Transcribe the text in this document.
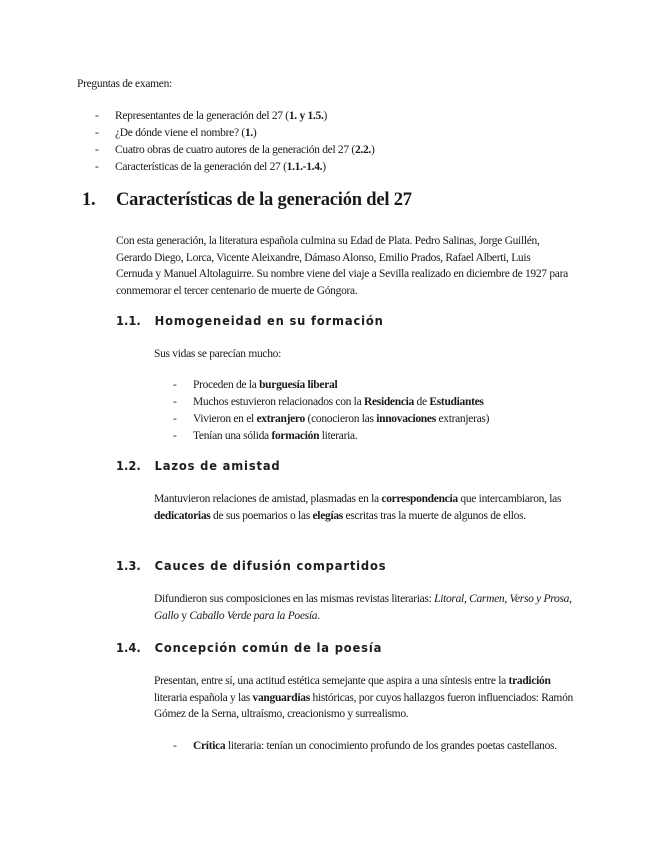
Preguntas de examen:
- Representantes de la generación del 27 (1. y 1.5.)
- ¿De dónde viene el nombre? (1.)
- Cuatro obras de cuatro autores de la generación del 27 (2.2.)
- Características de la generación del 27 (1.1.-1.4.)
1. Características de la generación del 27
Con esta generación, la literatura española culmina su Edad de Plata. Pedro Salinas, Jorge Guillén, Gerardo Diego, Lorca, Vicente Aleixandre, Dámaso Alonso, Emilio Prados, Rafael Alberti, Luis Cernuda y Manuel Altolaguirre. Su nombre viene del viaje a Sevilla realizado en diciembre de 1927 para conmemorar el tercer centenario de muerte de Góngora.
1.1. Homogeneidad en su formación
Sus vidas se parecían mucho:
- Proceden de la burguesía liberal
- Muchos estuvieron relacionados con la Residencia de Estudiantes
- Vivieron en el extranjero (conocieron las innovaciones extranjeras)
- Tenían una sólida formación literaria.
1.2. Lazos de amistad
Mantuvieron relaciones de amistad, plasmadas en la correspondencia que intercambiaron, las dedicatorias de sus poemarios o las elegías escritas tras la muerte de algunos de ellos.
1.3. Cauces de difusión compartidos
Difundieron sus composiciones en las mismas revistas literarias: Litoral, Carmen, Verso y Prosa, Gallo y Caballo Verde para la Poesía.
1.4. Concepción común de la poesía
Presentan, entre sí, una actitud estética semejante que aspira a una síntesis entre la tradición literaria española y las vanguardias históricas, por cuyos hallazgos fueron influenciados: Ramón Gómez de la Serna, ultraísmo, creacionismo y surrealismo.
- Crítica literaria: tenían un conocimiento profundo de los grandes poetas castellanos.
